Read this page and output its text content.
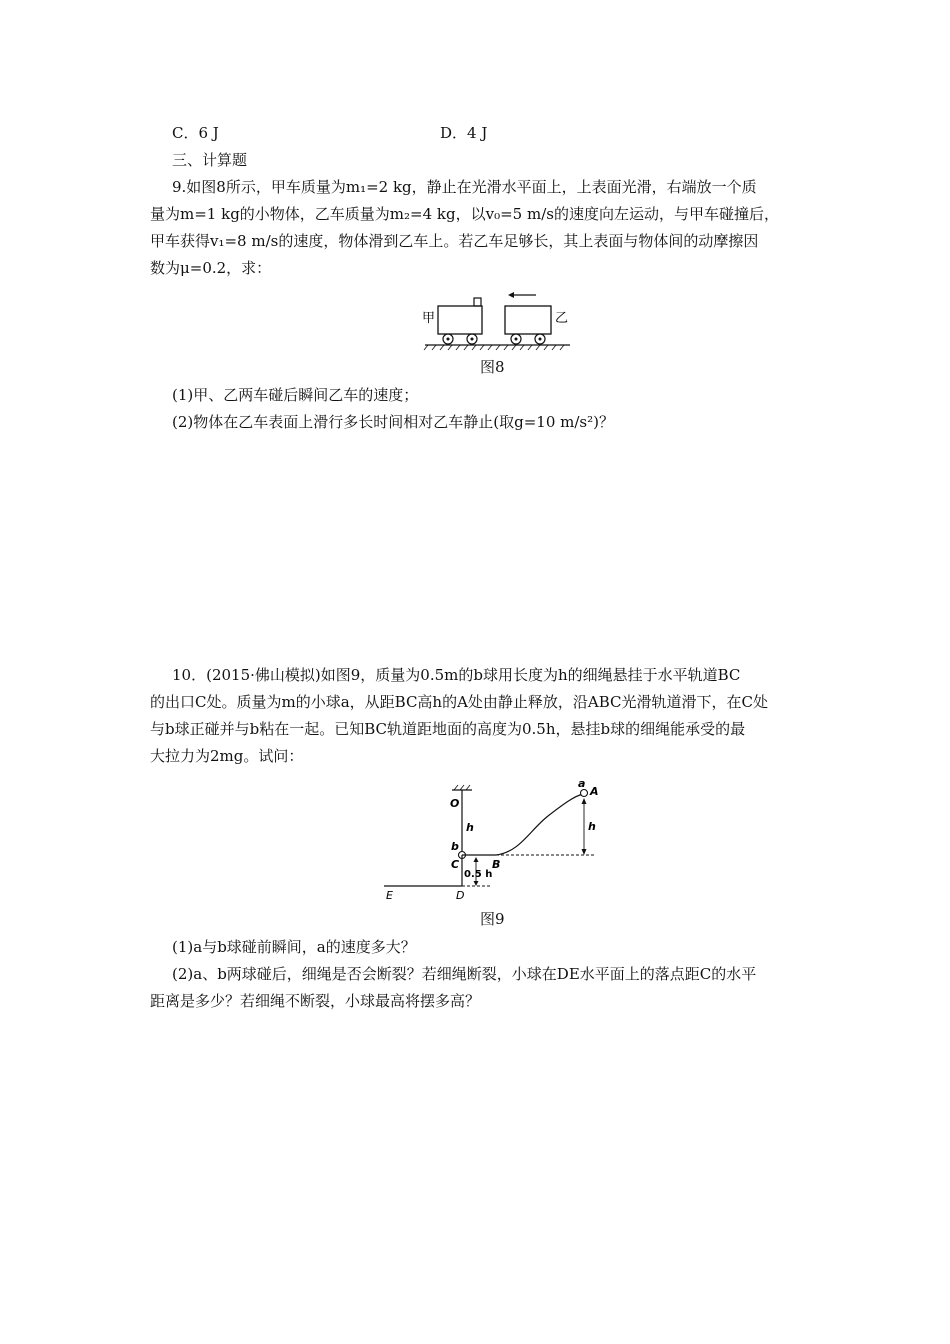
C．6 J	D．4 J
三、计算题
9.如图8所示，甲车质量为m₁=2 kg，静止在光滑水平面上，上表面光滑，右端放一个质
量为m=1 kg的小物体，乙车质量为m₂=4 kg，以v₀=5 m/s的速度向左运动，与甲车碰撞后，
甲车获得v₁=8 m/s的速度，物体滑到乙车上。若乙车足够长，其上表面与物体间的动摩擦因
数为μ=0.2，求：
甲	乙
图8
(1)甲、乙两车碰后瞬间乙车的速度；
(2)物体在乙车表面上滑行多长时间相对乙车静止(取g=10 m/s²)？
10．(2015·佛山模拟)如图9，质量为0.5m的b球用长度为h的细绳悬挂于水平轨道BC
的出口C处。质量为m的小球a，从距BC高h的A处由静止释放，沿ABC光滑轨道滑下，在C处
与b球正碰并与b粘在一起。已知BC轨道距地面的高度为0.5h，悬挂b球的细绳能承受的最
大拉力为2mg。试问：
O
h
b
C
0.5 h
B
E	D
a
A
h
图9
(1)a与b球碰前瞬间，a的速度多大？
(2)a、b两球碰后，细绳是否会断裂？若细绳断裂，小球在DE水平面上的落点距C的水平
距离是多少？若细绳不断裂，小球最高将摆多高？
